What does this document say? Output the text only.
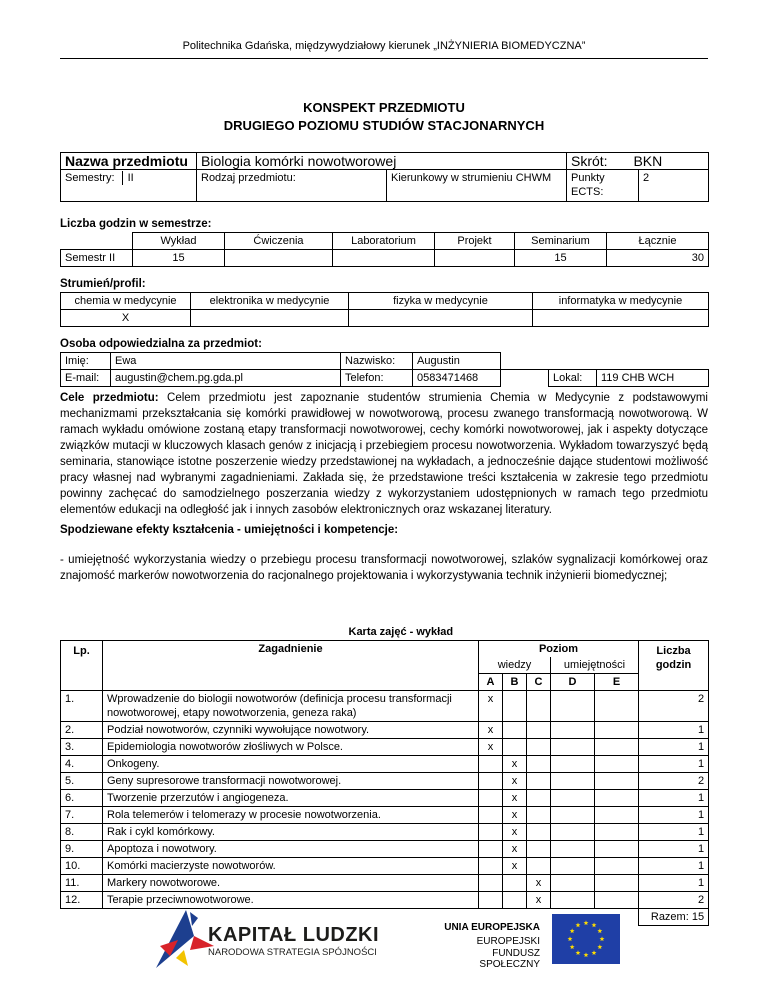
Politechnika Gdańska, międzywydziałowy kierunek „INŻYNIERIA BIOMEDYCZNA”
KONSPEKT PRZEDMIOTU
DRUGIEGO POZIOMU STUDIÓW STACJONARNYCH
Nazwa przedmiotu	Biologia komórki nowotworowej		Skrót: BKN	
Semestry: II	Rodzaj przedmiotu:	Kierunkowy w strumieniu CHWM	Punkty ECTS:	2
Liczba godzin w semestrze:
	Wykład	Ćwiczenia	Laboratorium	Projekt	Seminarium	Łącznie
Semestr II	15				15	30
Strumień/profil:
chemia w medycynie	elektronika w medycynie	fizyka w medycynie	informatyka w medycynie
X			
Osoba odpowiedzialna za przedmiot:
Imię:	Ewa	Nazwisko:	Augustin			
E-mail:	augustin@chem.pg.gda.pl	Telefon:	0583471468		Lokal:	119 CHB WCH
Cele przedmiotu: Celem przedmiotu jest zapoznanie studentów strumienia Chemia w Medycynie z podstawowymi mechanizmami przekształcania się komórki prawidłowej w nowotworową, procesu zwanego transformacją nowotworową. W ramach wykładu omówione zostaną etapy transformacji nowotworowej, cechy komórki nowotworowej, jak i aspekty dotyczące związków mutacji w kluczowych klasach genów z inicjacją i przebiegiem procesu nowotworzenia. Wykładom towarzyszyć będą seminaria, stanowiące istotne poszerzenie wiedzy przedstawionej na wykładach, a jednocześnie dające studentowi możliwość pracy własnej nad wybranymi zagadnieniami. Zakłada się, że przedstawione treści kształcenia w zakresie tego przedmiotu powinny zachęcać do samodzielnego poszerzania wiedzy z wykorzystaniem udostępnionych w ramach tego przedmiotu elementów edukacji na odległość jak i innych zasobów elektronicznych oraz wskazanej literatury.
Spodziewane efekty kształcenia - umiejętności i kompetencje:
- umiejętność wykorzystania wiedzy o przebiegu procesu transformacji nowotworowej, szlaków sygnalizacji komórkowej oraz znajomość markerów nowotworzenia do racjonalnego projektowania i wykorzystywania technik inżynierii biomedycznej;
	Karta zajęć - wykład						
Lp.	Zagadnienie	Poziom					Liczba godzin
		wiedzy			umiejętności		
		A	B	C	D	E	
1.	Wprowadzenie do biologii nowotworów (definicja procesu transformacji nowotworowej, etapy nowotworzenia, geneza raka)	x					2
2.	Podział nowotworów, czynniki wywołujące nowotwory.	x					1
3.	Epidemiologia nowotworów złośliwych w Polsce.	x					1
4.	Onkogeny.		x				1
5.	Geny supresorowe transformacji nowotworowej.		x				2
6.	Tworzenie przerzutów i angiogeneza.		x				1
7.	Rola telemerów i telomerazy w procesie nowotworzenia.		x				1
8.	Rak i cykl komórkowy.		x				1
9.	Apoptoza i nowotwory.		x				1
10.	Komórki macierzyste nowotworów.		x				1
11.	Markery nowotworowe.			x			1
12.	Terapie przeciwnowotworowe.			x			2
							Razem: 15
KAPITAŁ LUDZKI
NARODOWA STRATEGIA SPÓJNOŚCI
UNIA EUROPEJSKA
EUROPEJSKI
FUNDUSZ SPOŁECZNY
